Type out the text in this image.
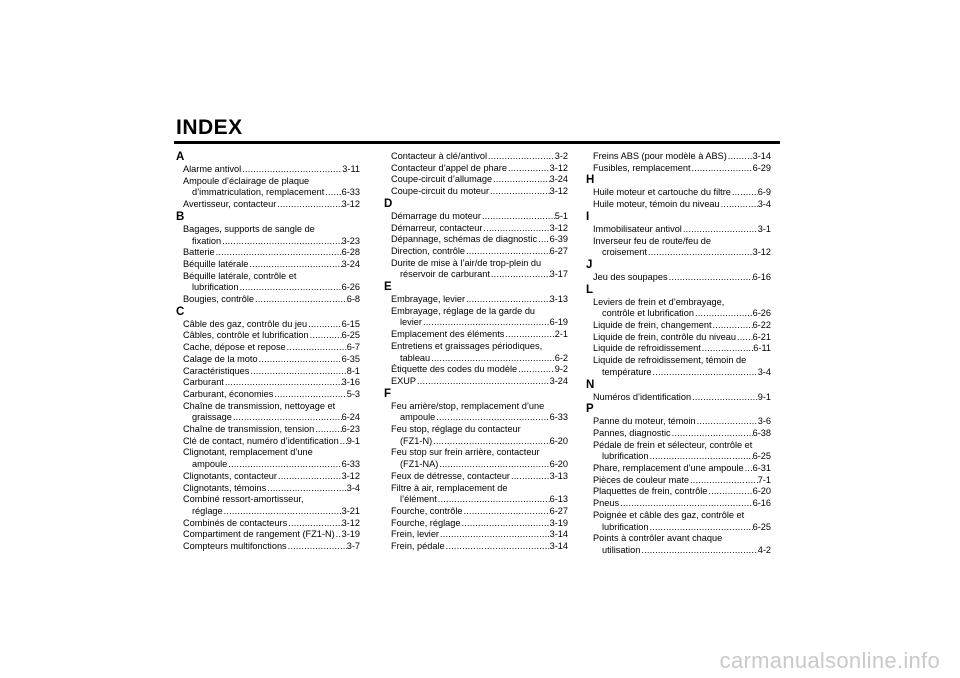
INDEX
A
Alarme antivol .....	3-11
Ampoule d’éclairage de plaque
d’immatriculation, remplacement ..... 6-33
Avertisseur, contacteur .....	3-12
B
Bagages, supports de sangle de
fixation .....	3-23
Batterie .....	6-28
Béquille latérale .....	3-24
Béquille latérale, contrôle et
lubrification .....	6-26
Bougies, contrôle .....	6-8
C
Câble des gaz, contrôle du jeu .....	6-15
Câbles, contrôle et lubrification .....	6-25
Cache, dépose et repose .....	6-7
Calage de la moto .....	6-35
Caractéristiques .....	8-1
Carburant .....	3-16
Carburant, économies .....	5-3
Chaîne de transmission, nettoyage et
graissage .....	6-24
Chaîne de transmission, tension .....	6-23
Clé de contact, numéro d’identification ..... 9-1
Clignotant, remplacement d’une
ampoule .....	6-33
Clignotants, contacteur .....	3-12
Clignotants, témoins .....	3-4
Combiné ressort-amortisseur,
réglage .....	3-21
Combinés de contacteurs .....	3-12
Compartiment de rangement (FZ1-N) ..... 3-19
Compteurs multifonctions .....	3-7
Contacteur à clé/antivol .....	3-2
Contacteur d’appel de phare .....	3-12
Coupe-circuit d’allumage .....	3-24
Coupe-circuit du moteur .....	3-12
D
Démarrage du moteur .....	5-1
Démarreur, contacteur .....	3-12
Dépannage, schémas de diagnostic ..... 6-39
Direction, contrôle .....	6-27
Durite de mise à l’air/de trop-plein du
réservoir de carburant .....	3-17
E
Embrayage, levier .....	3-13
Embrayage, réglage de la garde du
levier .....	6-19
Emplacement des éléments .....	2-1
Entretiens et graissages périodiques,
tableau .....	6-2
Étiquette des codes du modèle .....	9-2
EXUP .....	3-24
F
Feu arrière/stop, remplacement d’une
ampoule .....	6-33
Feu stop, réglage du contacteur
(FZ1-N) .....	6-20
Feu stop sur frein arrière, contacteur
(FZ1-NA) .....	6-20
Feux de détresse, contacteur .....	3-13
Filtre à air, remplacement de
l’élément .....	6-13
Fourche, contrôle .....	6-27
Fourche, réglage .....	3-19
Frein, levier .....	3-14
Frein, pédale .....	3-14
Freins ABS (pour modèle à ABS) .....	3-14
Fusibles, remplacement .....	6-29
H
Huile moteur et cartouche du filtre .....	6-9
Huile moteur, témoin du niveau .....	3-4
I
Immobilisateur antivol .....	3-1
Inverseur feu de route/feu de
croisement .....	3-12
J
Jeu des soupapes .....	6-16
L
Leviers de frein et d’embrayage,
contrôle et lubrification .....	6-26
Liquide de frein, changement .....	6-22
Liquide de frein, contrôle du niveau ..... 6-21
Liquide de refroidissement .....	6-11
Liquide de refroidissement, témoin de
température .....	3-4
N
Numéros d’identification .....	9-1
P
Panne du moteur, témoin .....	3-6
Pannes, diagnostic .....	6-38
Pédale de frein et sélecteur, contrôle et
lubrification .....	6-25
Phare, remplacement d’une ampoule ..... 6-31
Pièces de couleur mate .....	7-1
Plaquettes de frein, contrôle .....	6-20
Pneus .....	6-16
Poignée et câble des gaz, contrôle et
lubrification .....	6-25
Points à contrôler avant chaque
utilisation .....	4-2
carmanualsonline.info
